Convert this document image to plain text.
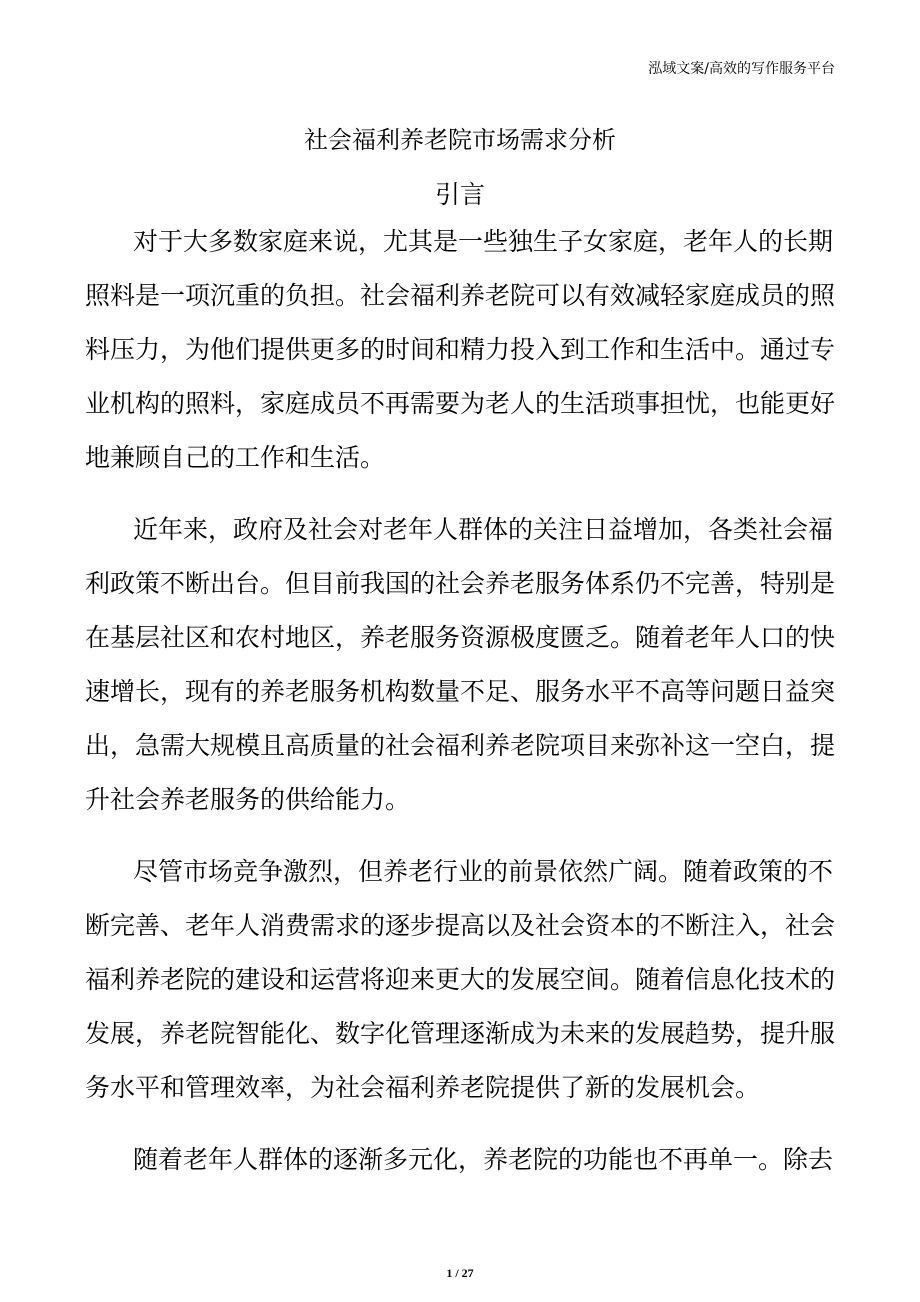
泓域文案/高效的写作服务平台
社会福利养老院市场需求分析
引言
对于大多数家庭来说，尤其是一些独生子女家庭，老年人的长期
照料是一项沉重的负担。社会福利养老院可以有效减轻家庭成员的照
料压力，为他们提供更多的时间和精力投入到工作和生活中。通过专
业机构的照料，家庭成员不再需要为老人的生活琐事担忧，也能更好
地兼顾自己的工作和生活。
近年来，政府及社会对老年人群体的关注日益增加，各类社会福
利政策不断出台。但目前我国的社会养老服务体系仍不完善，特别是
在基层社区和农村地区，养老服务资源极度匮乏。随着老年人口的快
速增长，现有的养老服务机构数量不足、服务水平不高等问题日益突
出，急需大规模且高质量的社会福利养老院项目来弥补这一空白，提
升社会养老服务的供给能力。
尽管市场竞争激烈，但养老行业的前景依然广阔。随着政策的不
断完善、老年人消费需求的逐步提高以及社会资本的不断注入，社会
福利养老院的建设和运营将迎来更大的发展空间。随着信息化技术的
发展，养老院智能化、数字化管理逐渐成为未来的发展趋势，提升服
务水平和管理效率，为社会福利养老院提供了新的发展机会。
随着老年人群体的逐渐多元化，养老院的功能也不再单一。除去
1 / 27
